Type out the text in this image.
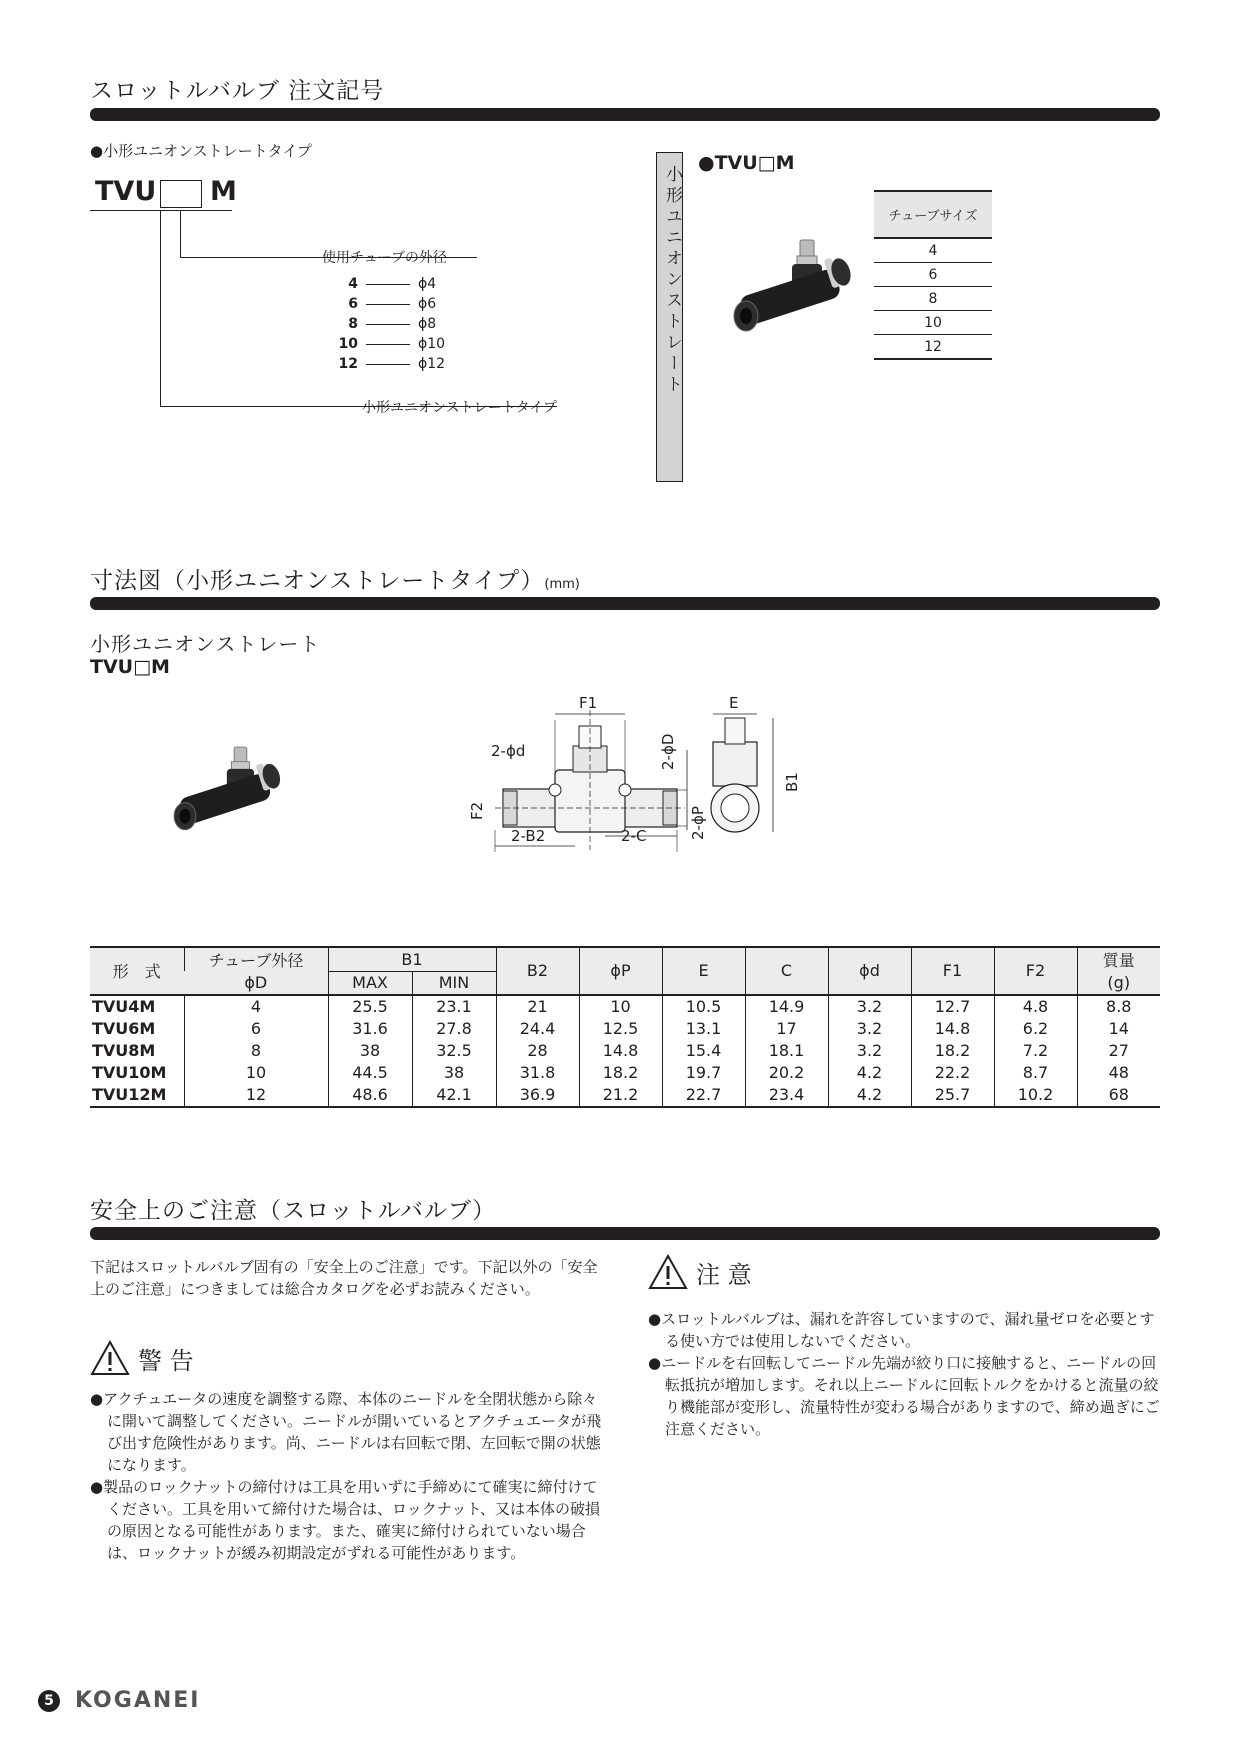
スロットルバルブ 注文記号
●小形ユニオンストレートタイプ
TVU M
使用チューブの外径
4	ϕ4
6	ϕ6
8	ϕ8
10	ϕ10
12	ϕ12
小形ユニオンストレートタイプ
小形ユニオンストレート
●TVU□M
チューブサイズ
4
6
8
10
12
寸法図（小形ユニオンストレートタイプ）(mm)
小形ユニオンストレート
TVU□M
F1	E
2-ϕd	2-ϕD
F2	2-ϕP
B1
2-B2	2-C
形　式	チューブ外径	B1		B2	ϕP	E	C	ϕd	F1	F2	質量
	ϕD	MAX	MIN								(g)
TVU4M	4	25.5	23.1	21	10	10.5	14.9	3.2	12.7	4.8	8.8
TVU6M	6	31.6	27.8	24.4	12.5	13.1	17	3.2	14.8	6.2	14
TVU8M	8	38	32.5	28	14.8	15.4	18.1	3.2	18.2	7.2	27
TVU10M	10	44.5	38	31.8	18.2	19.7	20.2	4.2	22.2	8.7	48
TVU12M	12	48.6	42.1	36.9	21.2	22.7	23.4	4.2	25.7	10.2	68
安全上のご注意（スロットルバルブ）
下記はスロットルバルブ固有の「安全上のご注意」です。下記以外の「安全上のご注意」につきましては総合カタログを必ずお読みください。
警 告

●アクチュエータの速度を調整する際、本体のニードルを全閉状態から除々に開いて調整してください。ニードルが開いているとアクチュエータが飛び出す危険性があります。尚、ニードルは右回転で閉、左回転で開の状態になります。

●製品のロックナットの締付けは工具を用いずに手締めにて確実に締付けてください。工具を用いて締付けた場合は、ロックナット、又は本体の破損の原因となる可能性があります。また、確実に締付けられていない場合は、ロックナットが緩み初期設定がずれる可能性があります。

注 意

●スロットルバルブは、漏れを許容していますので、漏れ量ゼロを必要とする使い方では使用しないでください。

●ニードルを右回転してニードル先端が絞り口に接触すると、ニードルの回転抵抗が増加します。それ以上ニードルに回転トルクをかけると流量の絞り機能部が変形し、流量特性が変わる場合がありますので、締め過ぎにご注意ください。

5 KOGANEI
